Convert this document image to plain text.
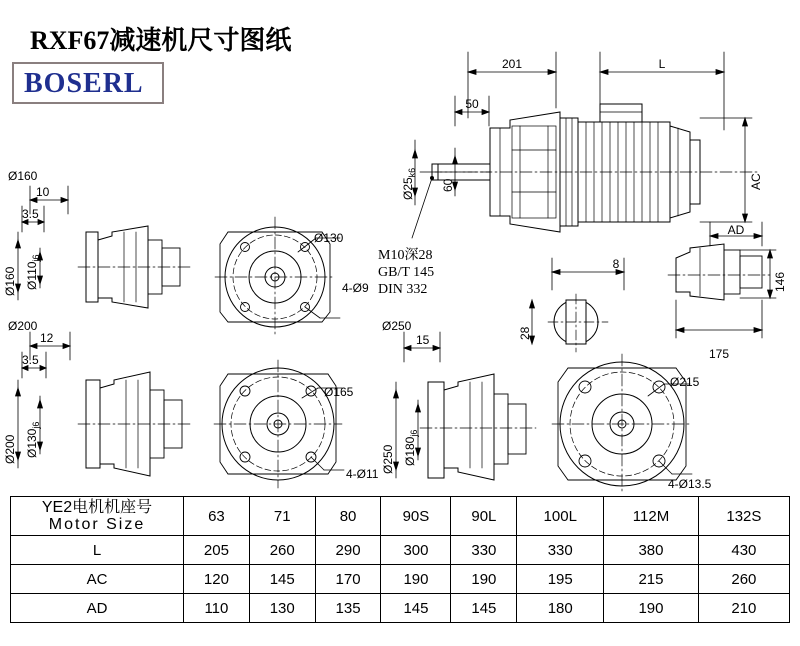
RXF67减速机尺寸图纸
BOSERL
201	L
50
Ø160
10
3.5
Ø200
12
3.5
Ø250
15
Ø130
4-Ø9
Ø165
4-Ø11
Ø215
4-Ø13.5
8
AD
175
$Ø25_{k6}$
60	AC
146
28
Ø160 $Ø110_{j6}$
Ø200 $Ø130_{j6}$
Ø250 $Ø180_{j6}$
M10深28
GB/T 145
DIN 332
YE2电机机座号
Motor Size	63	71	80	90S	90L	100L	112M	132S
L	205	260	290	300	330	330	380	430
AC	120	145	170	190	190	195	215	260
AD	110	130	135	145	145	180	190	210
